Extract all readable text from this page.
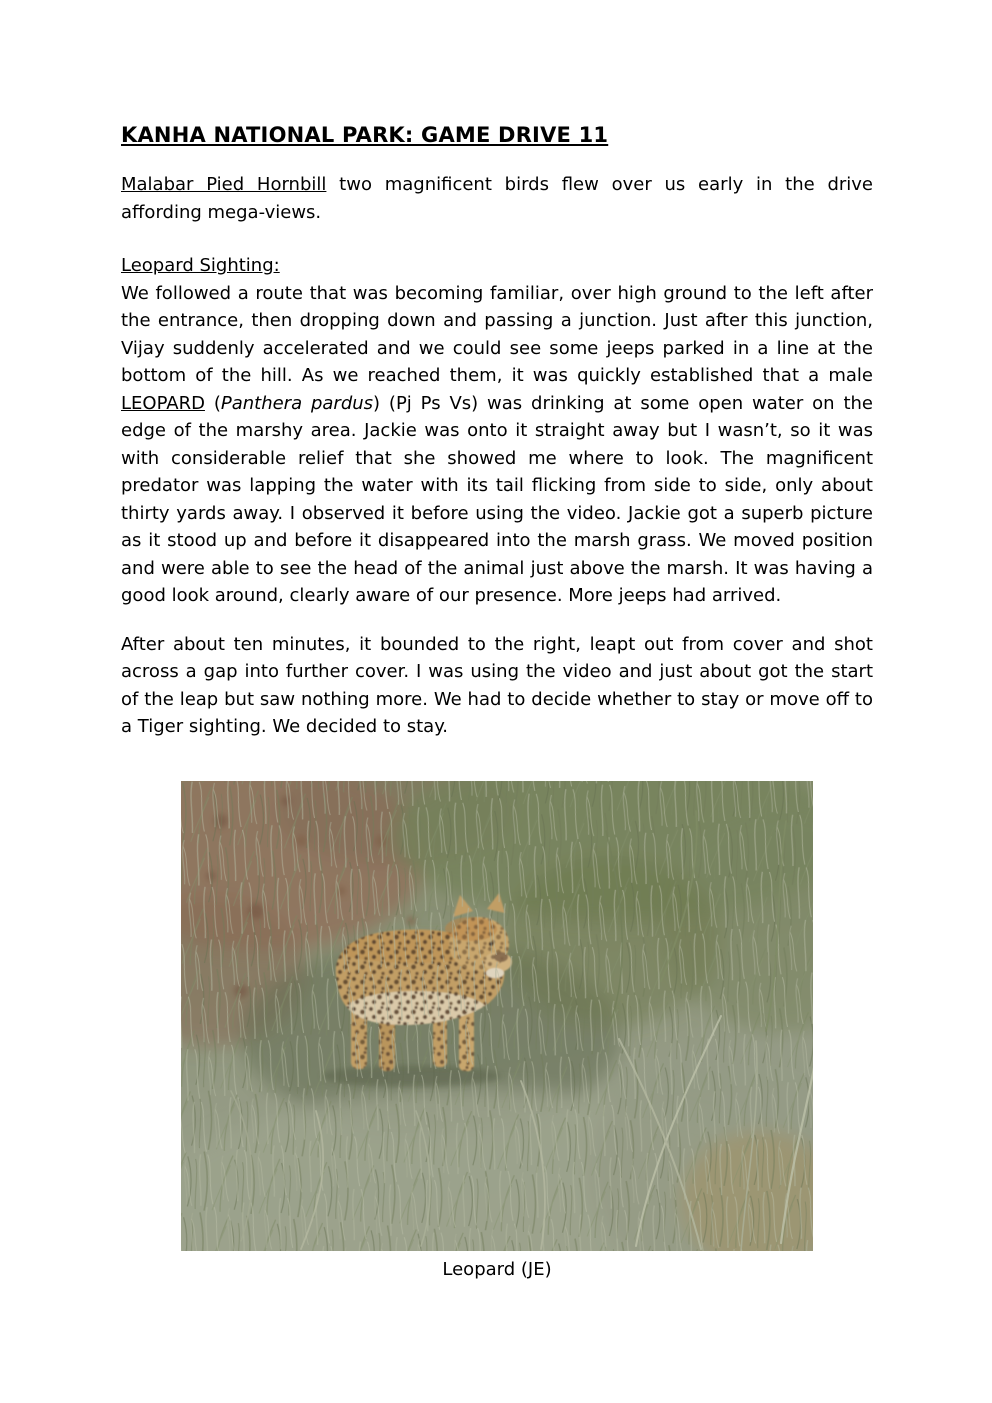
KANHA NATIONAL PARK: GAME DRIVE 11

Malabar Pied Hornbill two magnificent birds flew over us early in the drive affording mega-views.

Leopard Sighting:

We followed a route that was becoming familiar, over high ground to the left after the entrance, then dropping down and passing a junction. Just after this junction, Vijay suddenly accelerated and we could see some jeeps parked in a line at the bottom of the hill. As we reached them, it was quickly established that a male LEOPARD (Panthera pardus) (Pj Ps Vs) was drinking at some open water on the edge of the marshy area. Jackie was onto it straight away but I wasn’t, so it was with considerable relief that she showed me where to look. The magnificent predator was lapping the water with its tail flicking from side to side, only about thirty yards away. I observed it before using the video. Jackie got a superb picture as it stood up and before it disappeared into the marsh grass. We moved position and were able to see the head of the animal just above the marsh. It was having a good look around, clearly aware of our presence. More jeeps had arrived.

After about ten minutes, it bounded to the right, leapt out from cover and shot across a gap into further cover. I was using the video and just about got the start of the leap but saw nothing more. We had to decide whether to stay or move off to a Tiger sighting. We decided to stay.

Leopard (JE)
